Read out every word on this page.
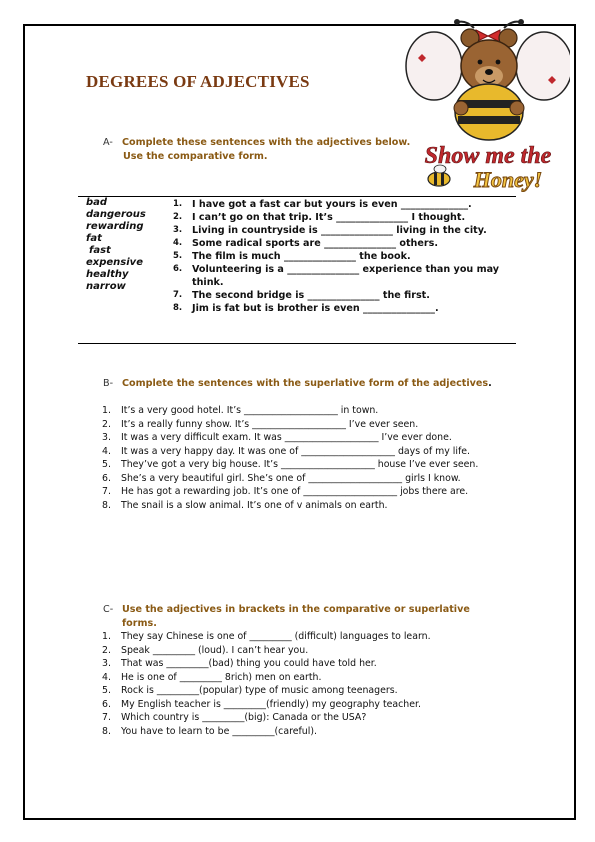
DEGREES OF ADJECTIVES
Show me the
Honey!
A- Complete these sentences with the adjectives below.
Use the comparative form.
bad
dangerous
rewarding
fat
fast
expensive
healthy
narrow
1.	I have got a fast car but yours is even ______________.
2.	I can’t go on that trip. It’s _______________ I thought.
3.	Living in countryside is _______________ living in the city.
4.	Some radical sports are _______________ others.
5.	The film is much _______________ the book.
6.	Volunteering is a _______________ experience than you may think.
7.	The second bridge is _______________ the first.
8.	Jim is fat but is brother is even _______________.
B- Complete the sentences with the superlative form of the adjectives.
1.	It’s a very good hotel. It’s ____________________ in town.
2.	It’s a really funny show. It’s ____________________ I’ve ever seen.
3.	It was a very difficult exam. It was ____________________ I’ve ever done.
4.	It was a very happy day. It was one of ____________________ days of my life.
5.	They’ve got a very big house. It’s ____________________ house I’ve ever seen.
6.	She’s a very beautiful girl. She’s one of ____________________ girls I know.
7.	He has got a rewarding job. It’s one of ____________________ jobs there are.
8.	The snail is a slow animal. It’s one of v animals on earth.
C- Use the adjectives in brackets in the comparative or superlative
forms.
1.	They say Chinese is one of _________ (difficult) languages to learn.
2.	Speak _________ (loud). I can’t hear you.
3.	That was _________(bad) thing you could have told her.
4.	He is one of _________ 8rich) men on earth.
5.	Rock is _________(popular) type of music among teenagers.
6.	My English teacher is _________(friendly) my geography teacher.
7.	Which country is _________(big): Canada or the USA?
8.	You have to learn to be _________(careful).
